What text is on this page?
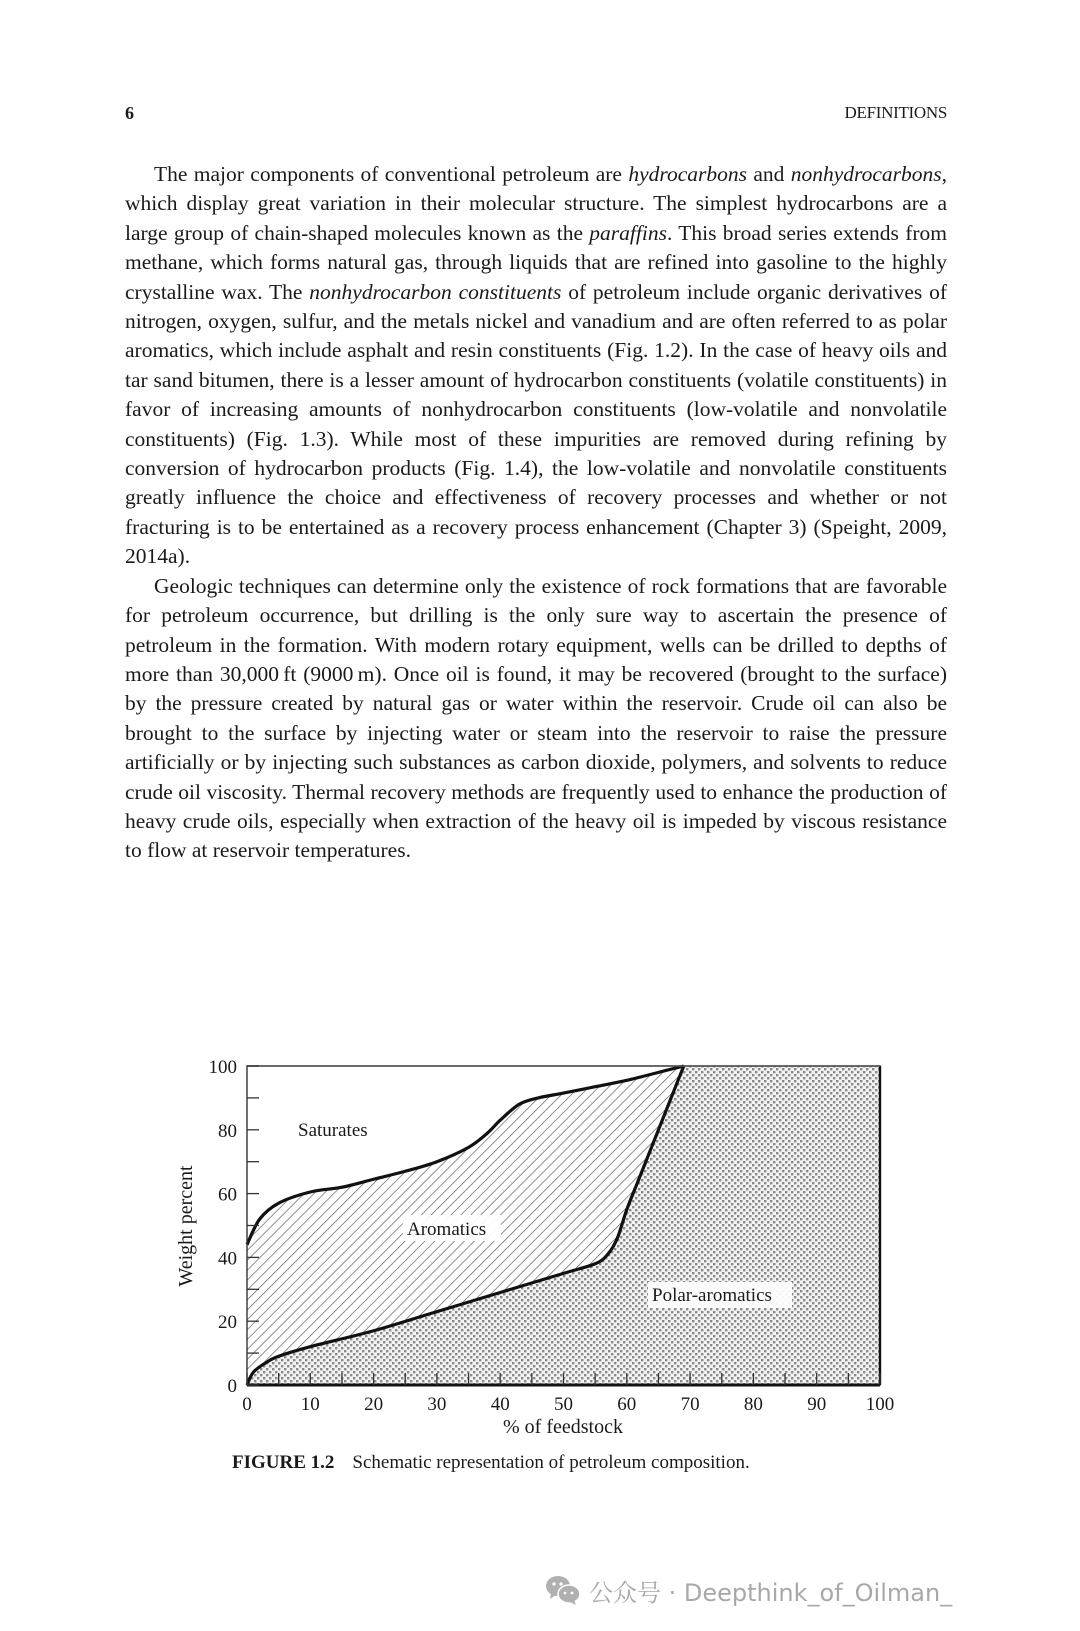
6	DEFINITIONS

The major components of conventional petroleum are hydrocarbons and nonhydrocarbons, which display great variation in their molecular structure. The simplest hydrocarbons are a large group of chain-shaped molecules known as the paraffins. This broad series extends from methane, which forms natural gas, through liquids that are refined into gasoline to the highly crystalline wax. The nonhydrocarbon constituents of petroleum include organic derivatives of nitrogen, oxygen, sulfur, and the metals nickel and vanadium and are often referred to as polar aromatics, which include asphalt and resin constituents (Fig. 1.2). In the case of heavy oils and tar sand bitumen, there is a lesser amount of hydrocarbon constituents (volatile constituents) in favor of increasing amounts of nonhydrocarbon constituents (low-volatile and nonvolatile constituents) (Fig. 1.3). While most of these impurities are removed during refining by conversion of hydrocarbon products (Fig. 1.4), the low-volatile and nonvolatile constituents greatly influence the choice and effectiveness of recovery processes and whether or not fracturing is to be entertained as a recovery process enhancement (Chapter 3) (Speight, 2009, 2014a).

Geologic techniques can determine only the existence of rock formations that are favorable for petroleum occurrence, but drilling is the only sure way to ascertain the presence of petroleum in the formation. With modern rotary equipment, wells can be drilled to depths of more than 30,000 ft (9000 m). Once oil is found, it may be recovered (brought to the surface) by the pressure created by natural gas or water within the reservoir. Crude oil can also be brought to the surface by injecting water or steam into the reservoir to raise the pressure artificially or by injecting such substances as carbon dioxide, polymers, and solvents to reduce crude oil viscosity. Thermal recovery methods are frequently used to enhance the production of heavy crude oils, especially when extraction of the heavy oil is impeded by viscous resistance to flow at reservoir temperatures.

0
20
40
60
80
100
0	10 20 30 40 50 60 70 80 90 100
Saturates
Aromatics
Polar-aromatics
Weight percent
% of feedstock
FIGURE 1.2 Schematic representation of petroleum composition.
公众号 · Deepthink_of_Oilman_
